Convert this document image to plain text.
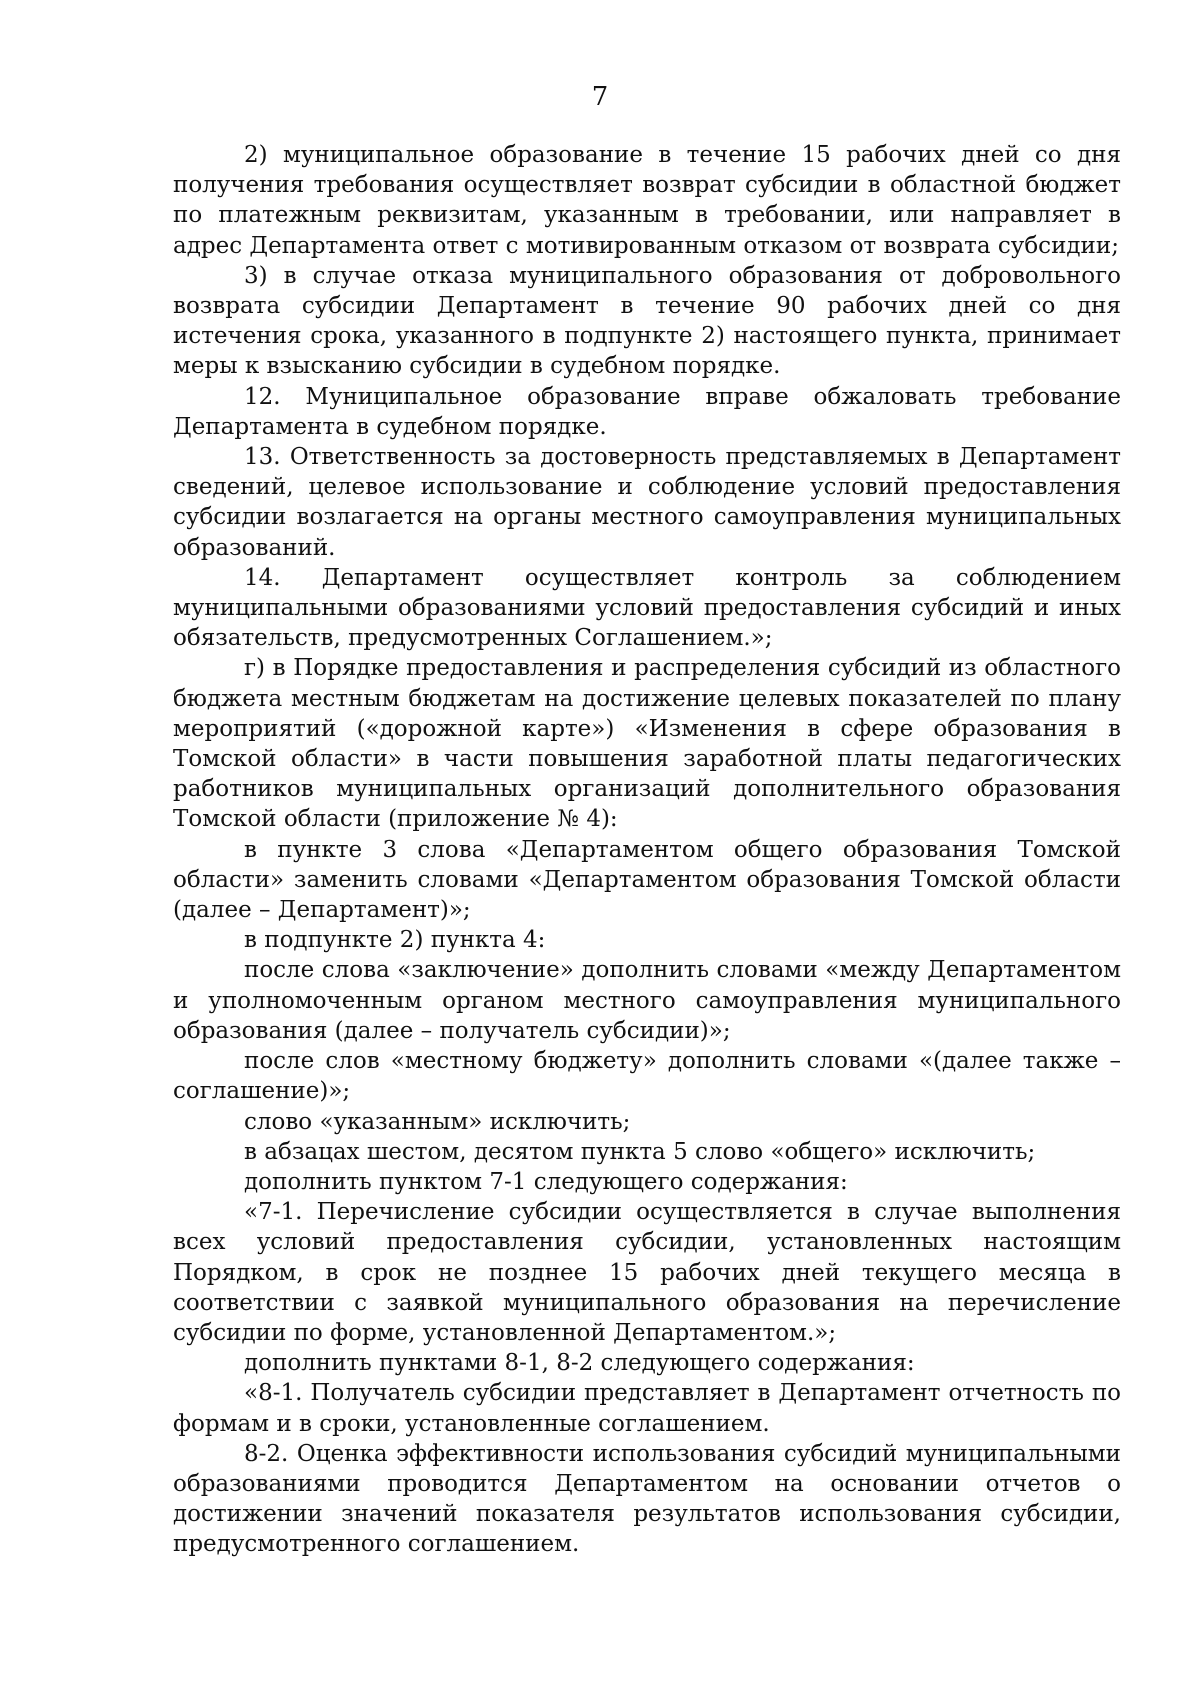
7

2) муниципальное образование в течение 15 рабочих дней со дня получения требования осуществляет возврат субсидии в областной бюджет по платежным реквизитам, указанным в требовании, или направляет в адрес Департамента ответ с мотивированным отказом от возврата субсидии;

3) в случае отказа муниципального образования от добровольного возврата субсидии Департамент в течение 90 рабочих дней со дня истечения срока, указанного в подпункте 2) настоящего пункта, принимает меры к взысканию субсидии в судебном порядке.

12. Муниципальное образование вправе обжаловать требование Департамента в судебном порядке.

13. Ответственность за достоверность представляемых в Департамент сведений, целевое использование и соблюдение условий предоставления субсидии возлагается на органы местного самоуправления муниципальных образований.

14. Департамент осуществляет контроль за соблюдением муниципальными образованиями условий предоставления субсидий и иных обязательств, предусмотренных Соглашением.»;

г) в Порядке предоставления и распределения субсидий из областного бюджета местным бюджетам на достижение целевых показателей по плану мероприятий («дорожной карте») «Изменения в сфере образования в Томской области» в части повышения заработной платы педагогических работников муниципальных организаций дополнительного образования Томской области (приложение № 4):

в пункте 3 слова «Департаментом общего образования Томской области» заменить словами «Департаментом образования Томской области (далее – Департамент)»;

в подпункте 2) пункта 4:

после слова «заключение» дополнить словами «между Департаментом и уполномоченным органом местного самоуправления муниципального образования (далее – получатель субсидии)»;

после слов «местному бюджету» дополнить словами «(далее также – соглашение)»;

слово «указанным» исключить;

в абзацах шестом, десятом пункта 5 слово «общего» исключить;

дополнить пунктом 7-1 следующего содержания:

«7-1. Перечисление субсидии осуществляется в случае выполнения всех условий предоставления субсидии, установленных настоящим Порядком, в срок не позднее 15 рабочих дней текущего месяца в соответствии с заявкой муниципального образования на перечисление субсидии по форме, установленной Департаментом.»;

дополнить пунктами 8-1, 8-2 следующего содержания:

«8-1. Получатель субсидии представляет в Департамент отчетность по формам и в сроки, установленные соглашением.

8-2. Оценка эффективности использования субсидий муниципальными образованиями проводится Департаментом на основании отчетов о достижении значений показателя результатов использования субсидии, предусмотренного соглашением.
